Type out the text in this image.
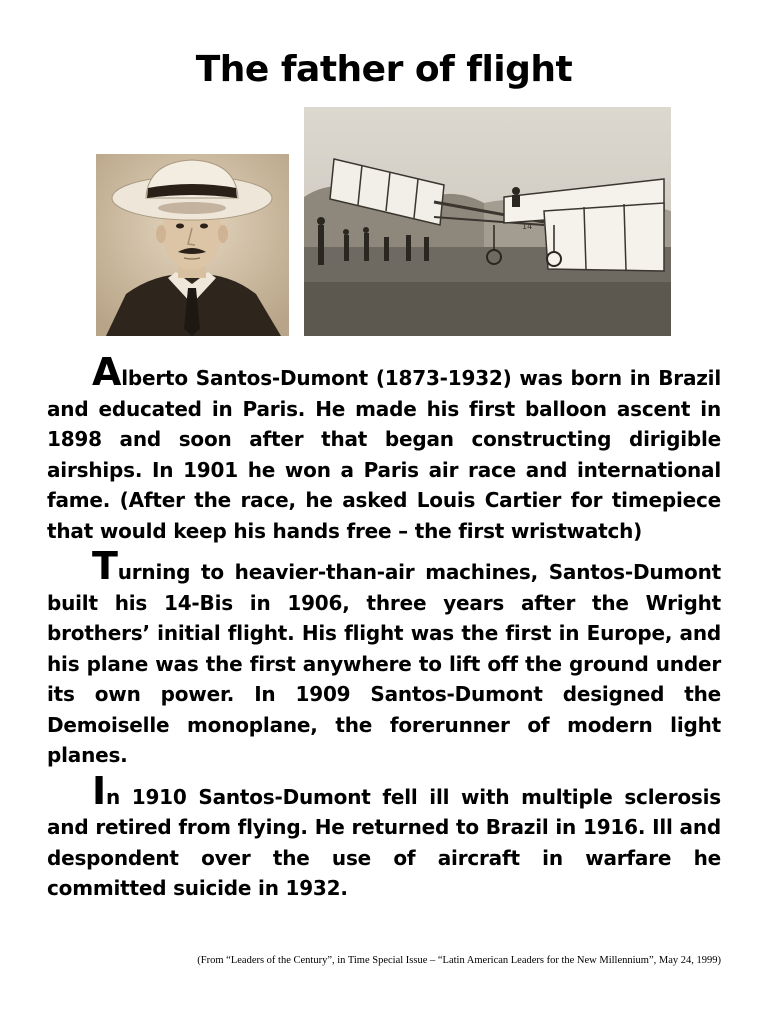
The father of flight
14

Alberto Santos-Dumont (1873-1932) was born in Brazil and educated in Paris. He made his first balloon ascent in 1898 and soon after that began constructing dirigible airships. In 1901 he won a Paris air race and international fame. (After the race, he asked Louis Cartier for timepiece that would keep his hands free – the first wristwatch)

Turning to heavier-than-air machines, Santos-Dumont built his 14-Bis in 1906, three years after the Wright brothers’ initial flight. His flight was the first in Europe, and his plane was the first anywhere to lift off the ground under its own power. In 1909 Santos-Dumont designed the Demoiselle monoplane, the forerunner of modern light planes.

In 1910 Santos-Dumont fell ill with multiple sclerosis and retired from flying. He returned to Brazil in 1916. Ill and despondent over the use of aircraft in warfare he committed suicide in 1932.

(From “Leaders of the Century”, in Time Special Issue – “Latin American Leaders for the New Millennium”, May 24, 1999)
